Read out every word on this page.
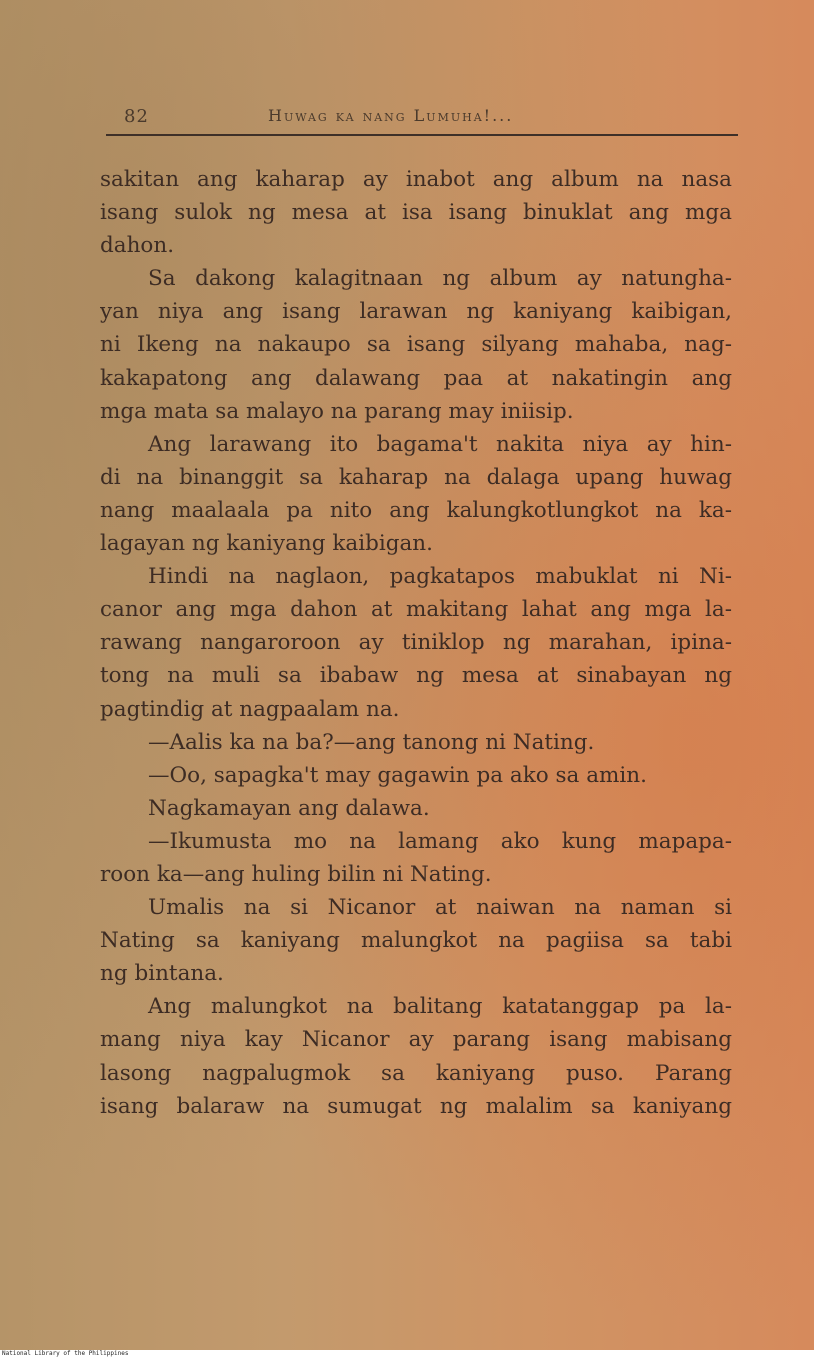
82	Huwag ka nang Lumuha!...
sakitan ang kaharap ay inabot ang album na nasa
isang sulok ng mesa at isa isang binuklat ang mga
dahon.
Sa dakong kalagitnaan ng album ay natungha-
yan niya ang isang larawan ng kaniyang kaibigan,
ni Ikeng na nakaupo sa isang silyang mahaba, nag-
kakapatong ang dalawang paa at nakatingin ang
mga mata sa malayo na parang may iniisip.
Ang larawang ito bagama't nakita niya ay hin-
di na binanggit sa kaharap na dalaga upang huwag
nang maalaala pa nito ang kalungkotlungkot na ka-
lagayan ng kaniyang kaibigan.
Hindi na naglaon, pagkatapos mabuklat ni Ni-
canor ang mga dahon at makitang lahat ang mga la-
rawang nangaroroon ay tiniklop ng marahan, ipina-
tong na muli sa ibabaw ng mesa at sinabayan ng
pagtindig at nagpaalam na.
—Aalis ka na ba?—ang tanong ni Nating.
—Oo, sapagka't may gagawin pa ako sa amin.
Nagkamayan ang dalawa.
—Ikumusta mo na lamang ako kung mapapa-
roon ka—ang huling bilin ni Nating.
Umalis na si Nicanor at naiwan na naman si
Nating sa kaniyang malungkot na pagiisa sa tabi
ng bintana.
Ang malungkot na balitang katatanggap pa la-
mang niya kay Nicanor ay parang isang mabisang
lasong nagpalugmok sa kaniyang puso. Parang
isang balaraw na sumugat ng malalim sa kaniyang
National Library of the Philippines
